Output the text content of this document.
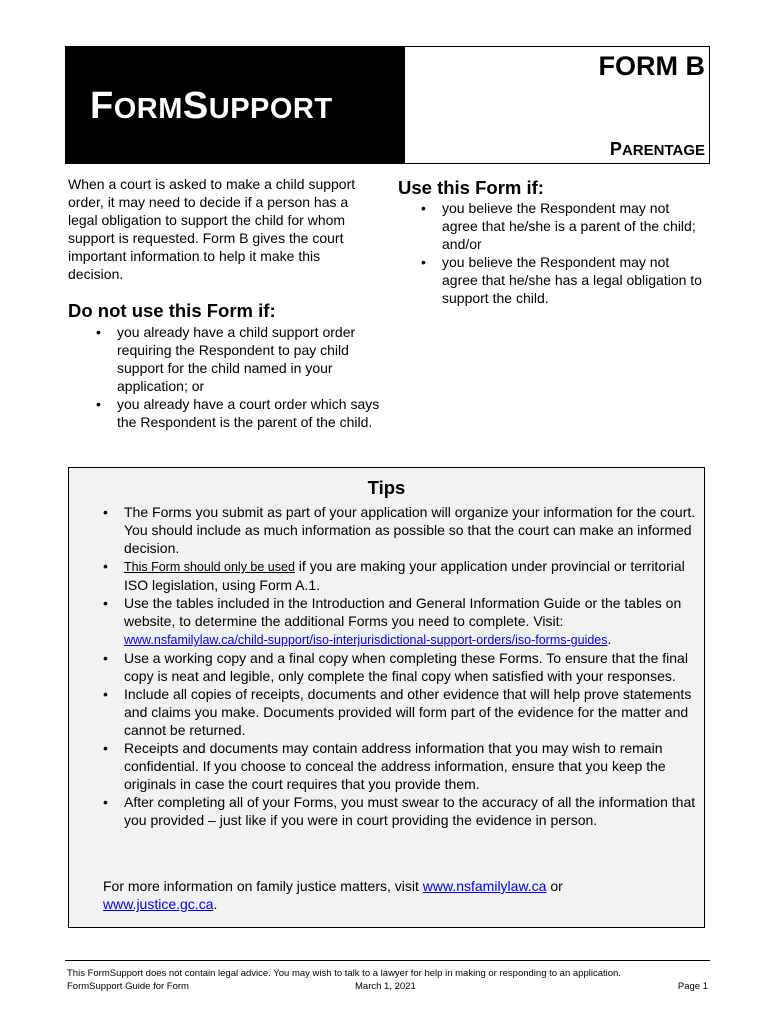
FORMSUPPORT
FORM B
PARENTAGE
When a court is asked to make a child support order, it may need to decide if a person has a legal obligation to support the child for whom support is requested. Form B gives the court important information to help it make this decision.
Do not use this Form if:
• you already have a child support order requiring the Respondent to pay child support for the child named in your application; or
• you already have a court order which says the Respondent is the parent of the child.
Use this Form if:
• you believe the Respondent may not agree that he/she is a parent of the child; and/or
• you believe the Respondent may not agree that he/she has a legal obligation to support the child.
Tips
• The Forms you submit as part of your application will organize your information for the court. You should include as much information as possible so that the court can make an informed decision.
• This Form should only be used if you are making your application under provincial or territorial ISO legislation, using Form A.1.
• Use the tables included in the Introduction and General Information Guide or the tables on website, to determine the additional Forms you need to complete. Visit:
www.nsfamilylaw.ca/child-support/iso-interjurisdictional-support-orders/iso-forms-guides.
• Use a working copy and a final copy when completing these Forms. To ensure that the final copy is neat and legible, only complete the final copy when satisfied with your responses.
• Include all copies of receipts, documents and other evidence that will help prove statements and claims you make. Documents provided will form part of the evidence for the matter and cannot be returned.
• Receipts and documents may contain address information that you may wish to remain confidential. If you choose to conceal the address information, ensure that you keep the originals in case the court requires that you provide them.
• After completing all of your Forms, you must swear to the accuracy of all the information that you provided – just like if you were in court providing the evidence in person.
For more information on family justice matters, visit www.nsfamilylaw.ca or www.justice.gc.ca.
This FormSupport does not contain legal advice. You may wish to talk to a lawyer for help in making or responding to an application.
FormSupport Guide for Form	March 1, 2021	Page 1
